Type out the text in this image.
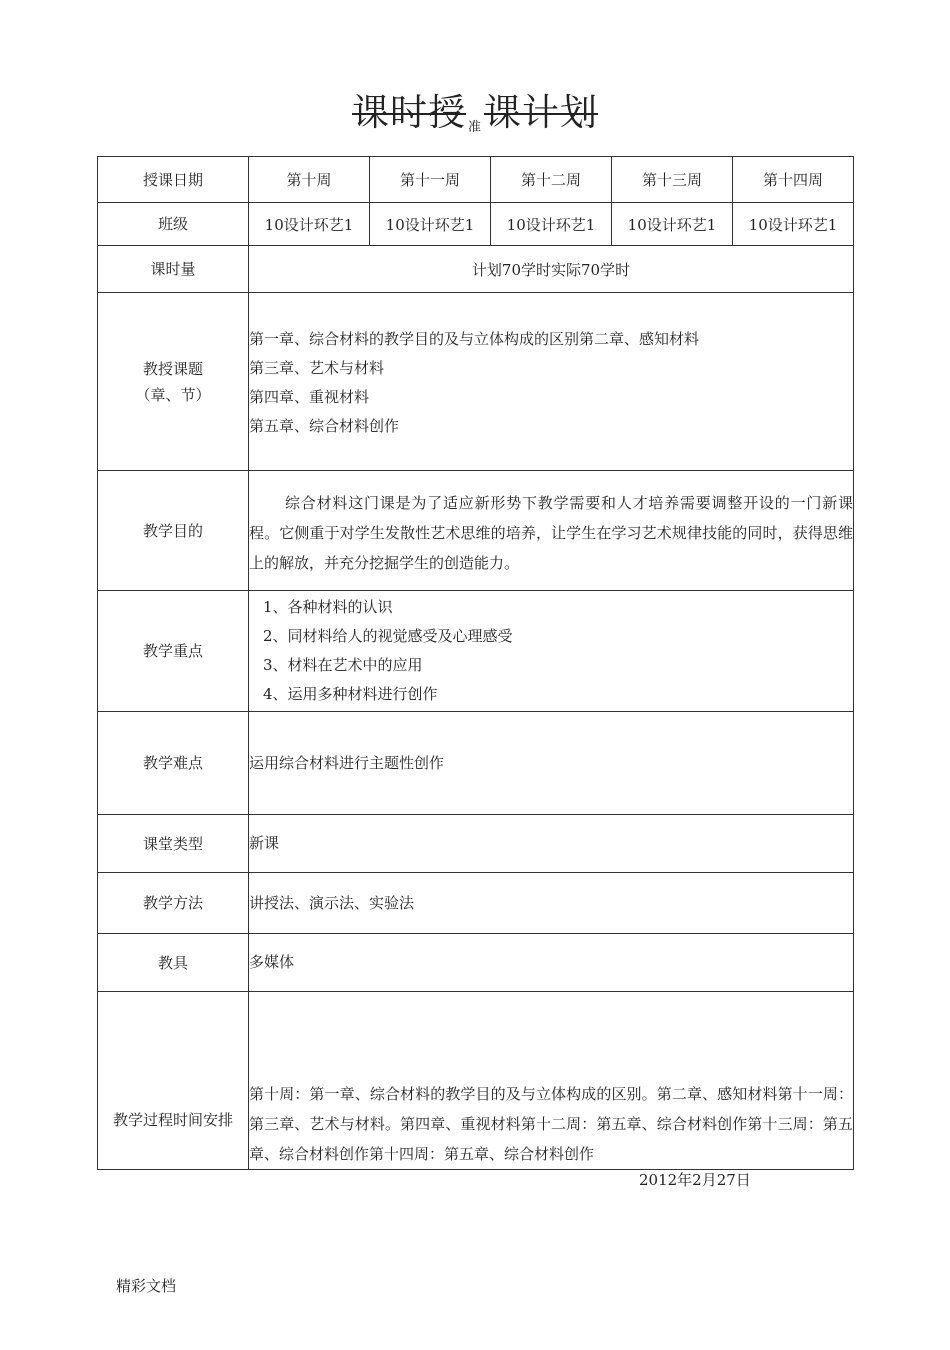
课时授 准课计划
授课日期	第十周	第十一周	第十二周	第十三周	第十四周
班级	10设计环艺1	10设计环艺1	10设计环艺1	10设计环艺1	10设计环艺1
课时量	计划70学时实际70学时				

教授课题
（章、节）	第一章、综合材料的教学目的及与立体构成的区别第二章、感知材料
第三章、艺术与材料
第四章、重视材料
第五章、综合材料创作				

教学目的	综合材料这门课是为了适应新形势下教学需要和人才培养需要调整开设的一门新课程。它侧重于对学生发散性艺术思维的培养，让学生在学习艺术规律技能的同时，获得思维上的解放，并充分挖掘学生的创造能力。				

教学重点	1、各种材料的认识
2、同材料给人的视觉感受及心理感受
3、材料在艺术中的应用
4、运用多种材料进行创作				

教学难点	运用综合材料进行主题性创作				
课堂类型	新课				
教学方法	讲授法、演示法、实验法				
教具	多媒体				
教学过程时间安排	第十周：第一章、综合材料的教学目的及与立体构成的区别。第二章、感知材料第十一周：第三章、艺术与材料。第四章、重视材料第十二周：第五章、综合材料创作第十三周：第五章、综合材料创作第十四周：第五章、综合材料创作				
2012年2月27日
精彩文档
